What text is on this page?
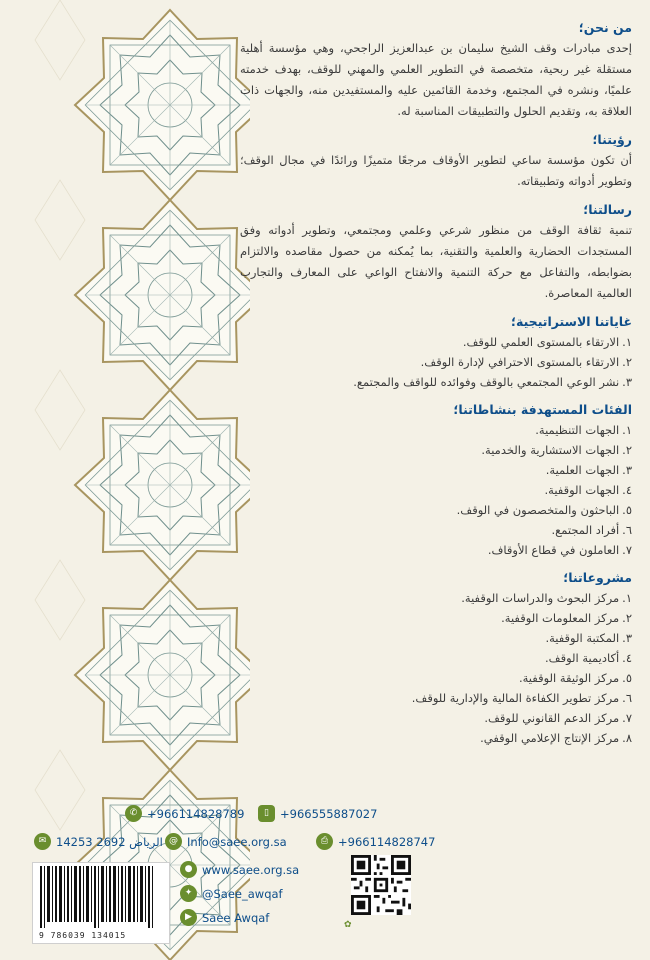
من نحن؛

إحدى مبادرات وقف الشيخ سليمان بن عبدالعزيز الراجحي، وهي مؤسسة أهلية مستقلة غير ربحية، متخصصة في التطوير العلمي والمهني للوقف، بهدف خدمته علميًا، ونشره في المجتمع، وخدمة القائمين عليه والمستفيدين منه، والجهات ذات العلاقة به، وتقديم الحلول والتطبيقات المناسبة له.

رؤيتنا؛

أن تكون مؤسسة ساعي لتطوير الأوقاف مرجعًا متميزًا ورائدًا في مجال الوقف؛ وتطوير أدواته وتطبيقاته.

رسالتنا؛

تنمية ثقافة الوقف من منظور شرعي وعلمي ومجتمعي، وتطوير أدواته وفق المستجدات الحضارية والعلمية والتقنية، بما يُمكنه من حصول مقاصده والالتزام بضوابطه، والتفاعل مع حركة التنمية والانفتاح الواعي على المعارف والتجارب العالمية المعاصرة.

غاياتنا الاستراتيجية؛
١.الارتقاء بالمستوى العلمي للوقف.
٢.الارتقاء بالمستوى الاحترافي لإدارة الوقف.
٣.نشر الوعي المجتمعي بالوقف وفوائده للواقف والمجتمع.
الفئات المستهدفة بنشاطاتنا؛
١.الجهات التنظيمية.
٢.الجهات الاستشارية والخدمية.
٣.الجهات العلمية.
٤.الجهات الوقفية.
٥.الباحثون والمتخصصون في الوقف.
٦.أفراد المجتمع.
٧.العاملون في قطاع الأوقاف.
مشروعاتنا؛
١.مركز البحوث والدراسات الوقفية.
٢.مركز المعلومات الوقفية.
٣.المكتبة الوقفية.
٤.أكاديمية الوقف.
٥.مركز الوثيقة الوقفية.
٦.مركز تطوير الكفاءة المالية والإدارية للوقف.
٧.مركز الدعم القانوني للوقف.
٨.مركز الإنتاج الإعلامي الوقفي.
✆ +966114828789	▯ +966555887027
✉ 14253 الرياض 2692 @ Info@saee.org.sa	⎙ +966114828747
● www.saee.org.sa
✦ @Saee_awqaf
▶ Saee Awqaf
9 786039 134015
✿
